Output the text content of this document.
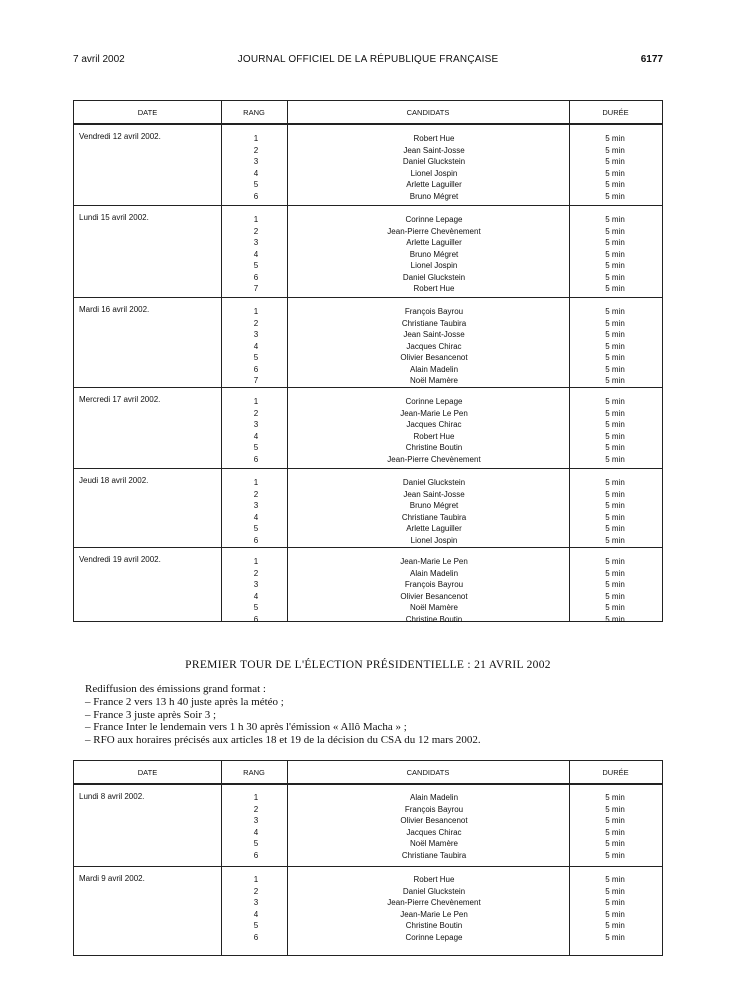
7 avril 2002	JOURNAL OFFICIEL DE LA RÉPUBLIQUE FRANÇAISE	6177
DATE	RANG	CANDIDATS	DURÉE
Vendredi 12 avril 2002.	1	Robert Hue	5 min
2	Jean Saint-Josse	5 min
3	Daniel Gluckstein	5 min
4	Lionel Jospin	5 min
5	Arlette Laguiller	5 min
6	Bruno Mégret	5 min
Lundi 15 avril 2002.	1	Corinne Lepage	5 min
2	Jean-Pierre Chevènement	5 min
3	Arlette Laguiller	5 min
4	Bruno Mégret	5 min
5	Lionel Jospin	5 min
6	Daniel Gluckstein	5 min
7	Robert Hue	5 min
Mardi 16 avril 2002.	1	François Bayrou	5 min
2	Christiane Taubira	5 min
3	Jean Saint-Josse	5 min
4	Jacques Chirac	5 min
5	Olivier Besancenot	5 min
6	Alain Madelin	5 min
7	Noël Mamère	5 min
Mercredi 17 avril 2002.	1	Corinne Lepage	5 min
2	Jean-Marie Le Pen	5 min
3	Jacques Chirac	5 min
4	Robert Hue	5 min
5	Christine Boutin	5 min
6	Jean-Pierre Chevènement	5 min
Jeudi 18 avril 2002.	1	Daniel Gluckstein	5 min
2	Jean Saint-Josse	5 min
3	Bruno Mégret	5 min
4	Christiane Taubira	5 min
5	Arlette Laguiller	5 min
6	Lionel Jospin	5 min
Vendredi 19 avril 2002.	1	Jean-Marie Le Pen	5 min
2	Alain Madelin	5 min
3	François Bayrou	5 min
4	Olivier Besancenot	5 min
5	Noël Mamère	5 min
6	Christine Boutin	5 min
PREMIER TOUR DE L'ÉLECTION PRÉSIDENTIELLE : 21 AVRIL 2002
Rediffusion des émissions grand format :
– France 2 vers 13 h 40 juste après la météo ;
– France 3 juste après Soir 3 ;
– France Inter le lendemain vers 1 h 30 après l'émission « Allô Macha » ;
– RFO aux horaires précisés aux articles 18 et 19 de la décision du CSA du 12 mars 2002.
DATE	RANG	CANDIDATS	DURÉE
Lundi 8 avril 2002.	1	Alain Madelin	5 min
2	François Bayrou	5 min
3	Olivier Besancenot	5 min
4	Jacques Chirac	5 min
5	Noël Mamère	5 min
6	Christiane Taubira	5 min
Mardi 9 avril 2002.	1	Robert Hue	5 min
2	Daniel Gluckstein	5 min
3	Jean-Pierre Chevènement	5 min
4	Jean-Marie Le Pen	5 min
5	Christine Boutin	5 min
6	Corinne Lepage	5 min
